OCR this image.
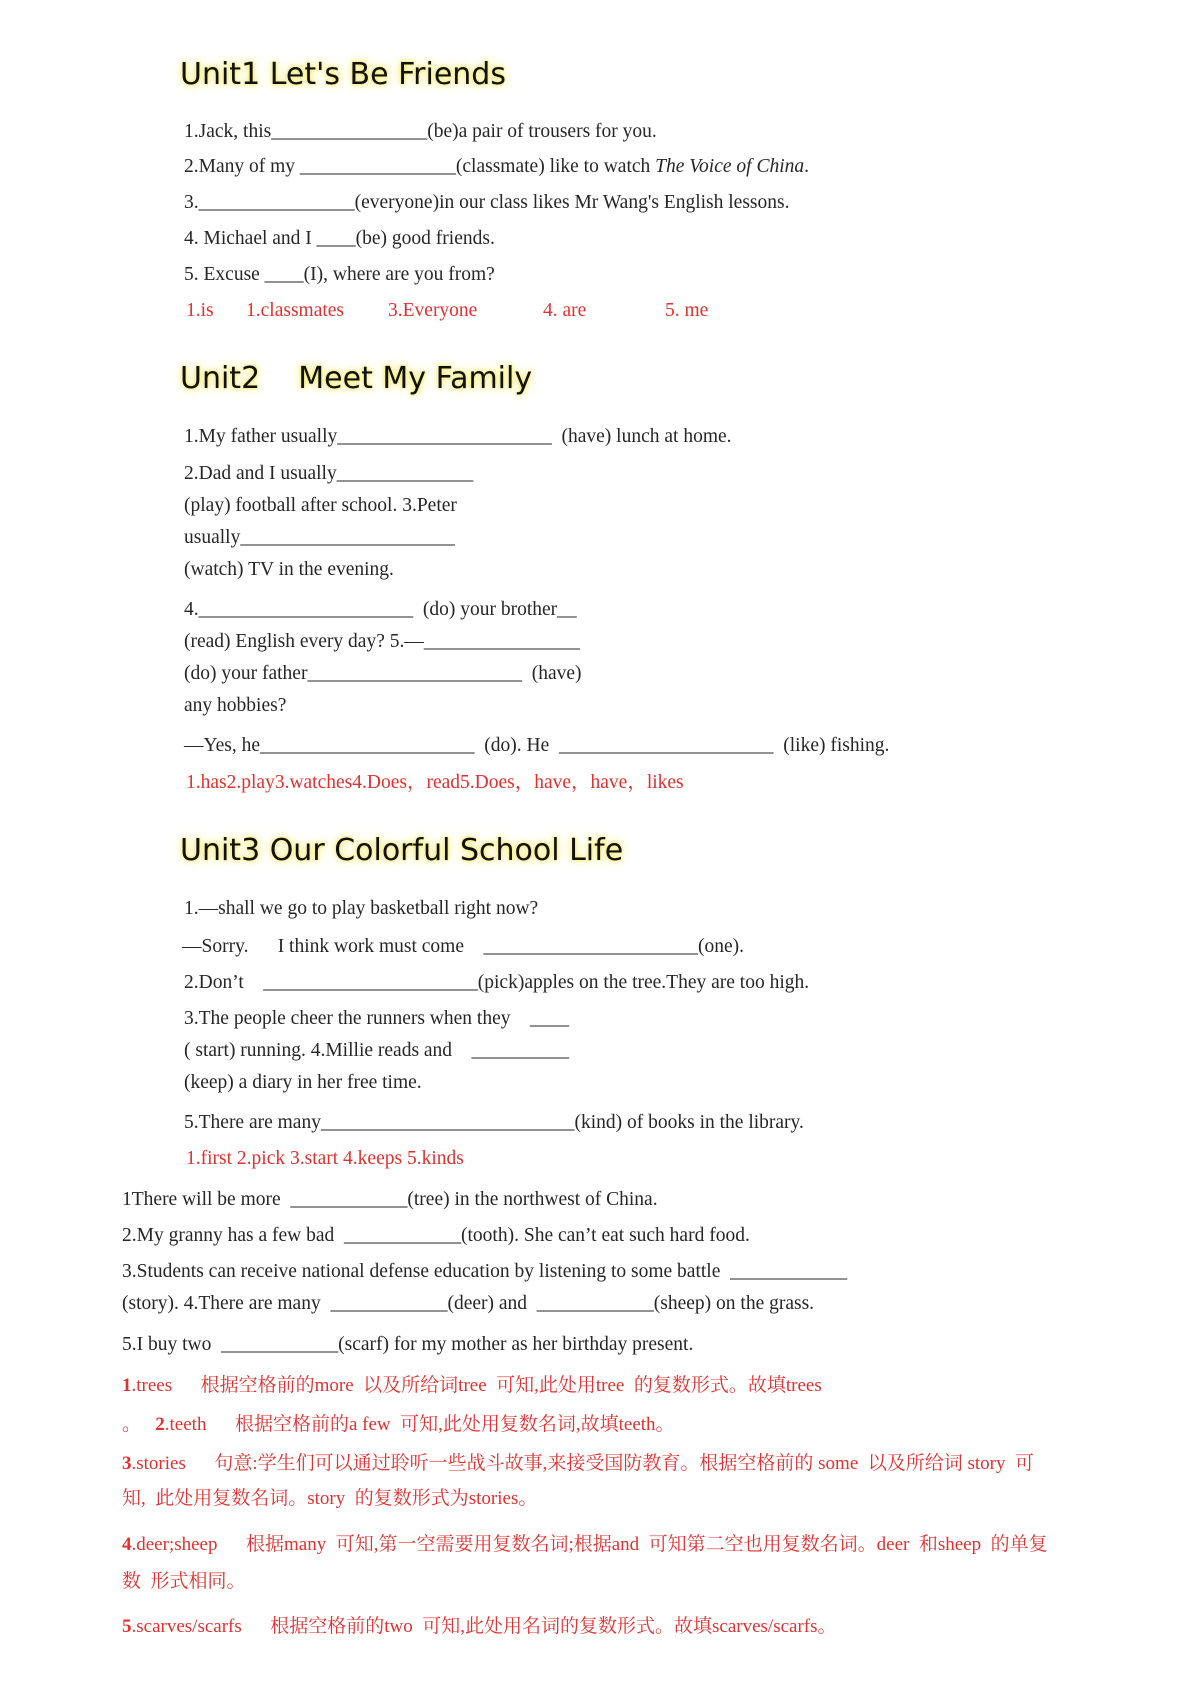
Unit1 Let's Be Friends
1.Jack, this________________(be)a pair of trousers for you.
2.Many of my ________________(classmate) like to watch The Voice of China.
3.________________(everyone)in our class likes Mr Wang's English lessons.
4. Michael and I ____(be) good friends.
5. Excuse ____(I), where are you from?
1.is 1.classmates 3.Everyone	4. are	5. me
Unit2    Meet My Family
1.My father usually______________________  (have) lunch at home.
2.Dad and I usually______________
(play) football after school. 3.Peter
usually______________________
(watch) TV in the evening.
4.______________________  (do) your brother__
(read) English every day? 5.—________________
(do) your father______________________  (have)
any hobbies?
—Yes, he______________________  (do). He  ______________________  (like) fishing.
1.has2.play3.watches4.Does，read5.Does，have，have，likes
Unit3 Our Colorful School Life
1.—shall we go to play basketball right now?
—Sorry.      I think work must come    ______________________(one).
2.Don’t    ______________________(pick)apples on the tree.They are too high.
3.The people cheer the runners when they    ____
( start) running. 4.Millie reads and    __________
(keep) a diary in her free time.
5.There are many__________________________(kind) of books in the library.
1.first 2.pick 3.start 4.keeps 5.kinds
1There will be more  ____________(tree) in the northwest of China.
2.My granny has a few bad  ____________(tooth). She can’t eat such hard food.
3.Students can receive national defense education by listening to some battle  ____________
(story). 4.There are many  ____________(deer) and  ____________(sheep) on the grass.
5.I buy two  ____________(scarf) for my mother as her birthday present.
1.trees 根据空格前的more  以及所给词tree  可知,此处用tree  的复数形式。故填trees
。 2.teeth 根据空格前的a few  可知,此处用复数名词,故填teeth。
3.stories 句意:学生们可以通过聆听一些战斗故事,来接受国防教育。根据空格前的 some  以及所给词 story  可
知,  此处用复数名词。story  的复数形式为stories。
4.deer;sheep 根据many  可知,第一空需要用复数名词;根据and  可知第二空也用复数名词。deer  和sheep  的单复
数  形式相同。
5.scarves/scarfs 根据空格前的two  可知,此处用名词的复数形式。故填scarves/scarfs。
